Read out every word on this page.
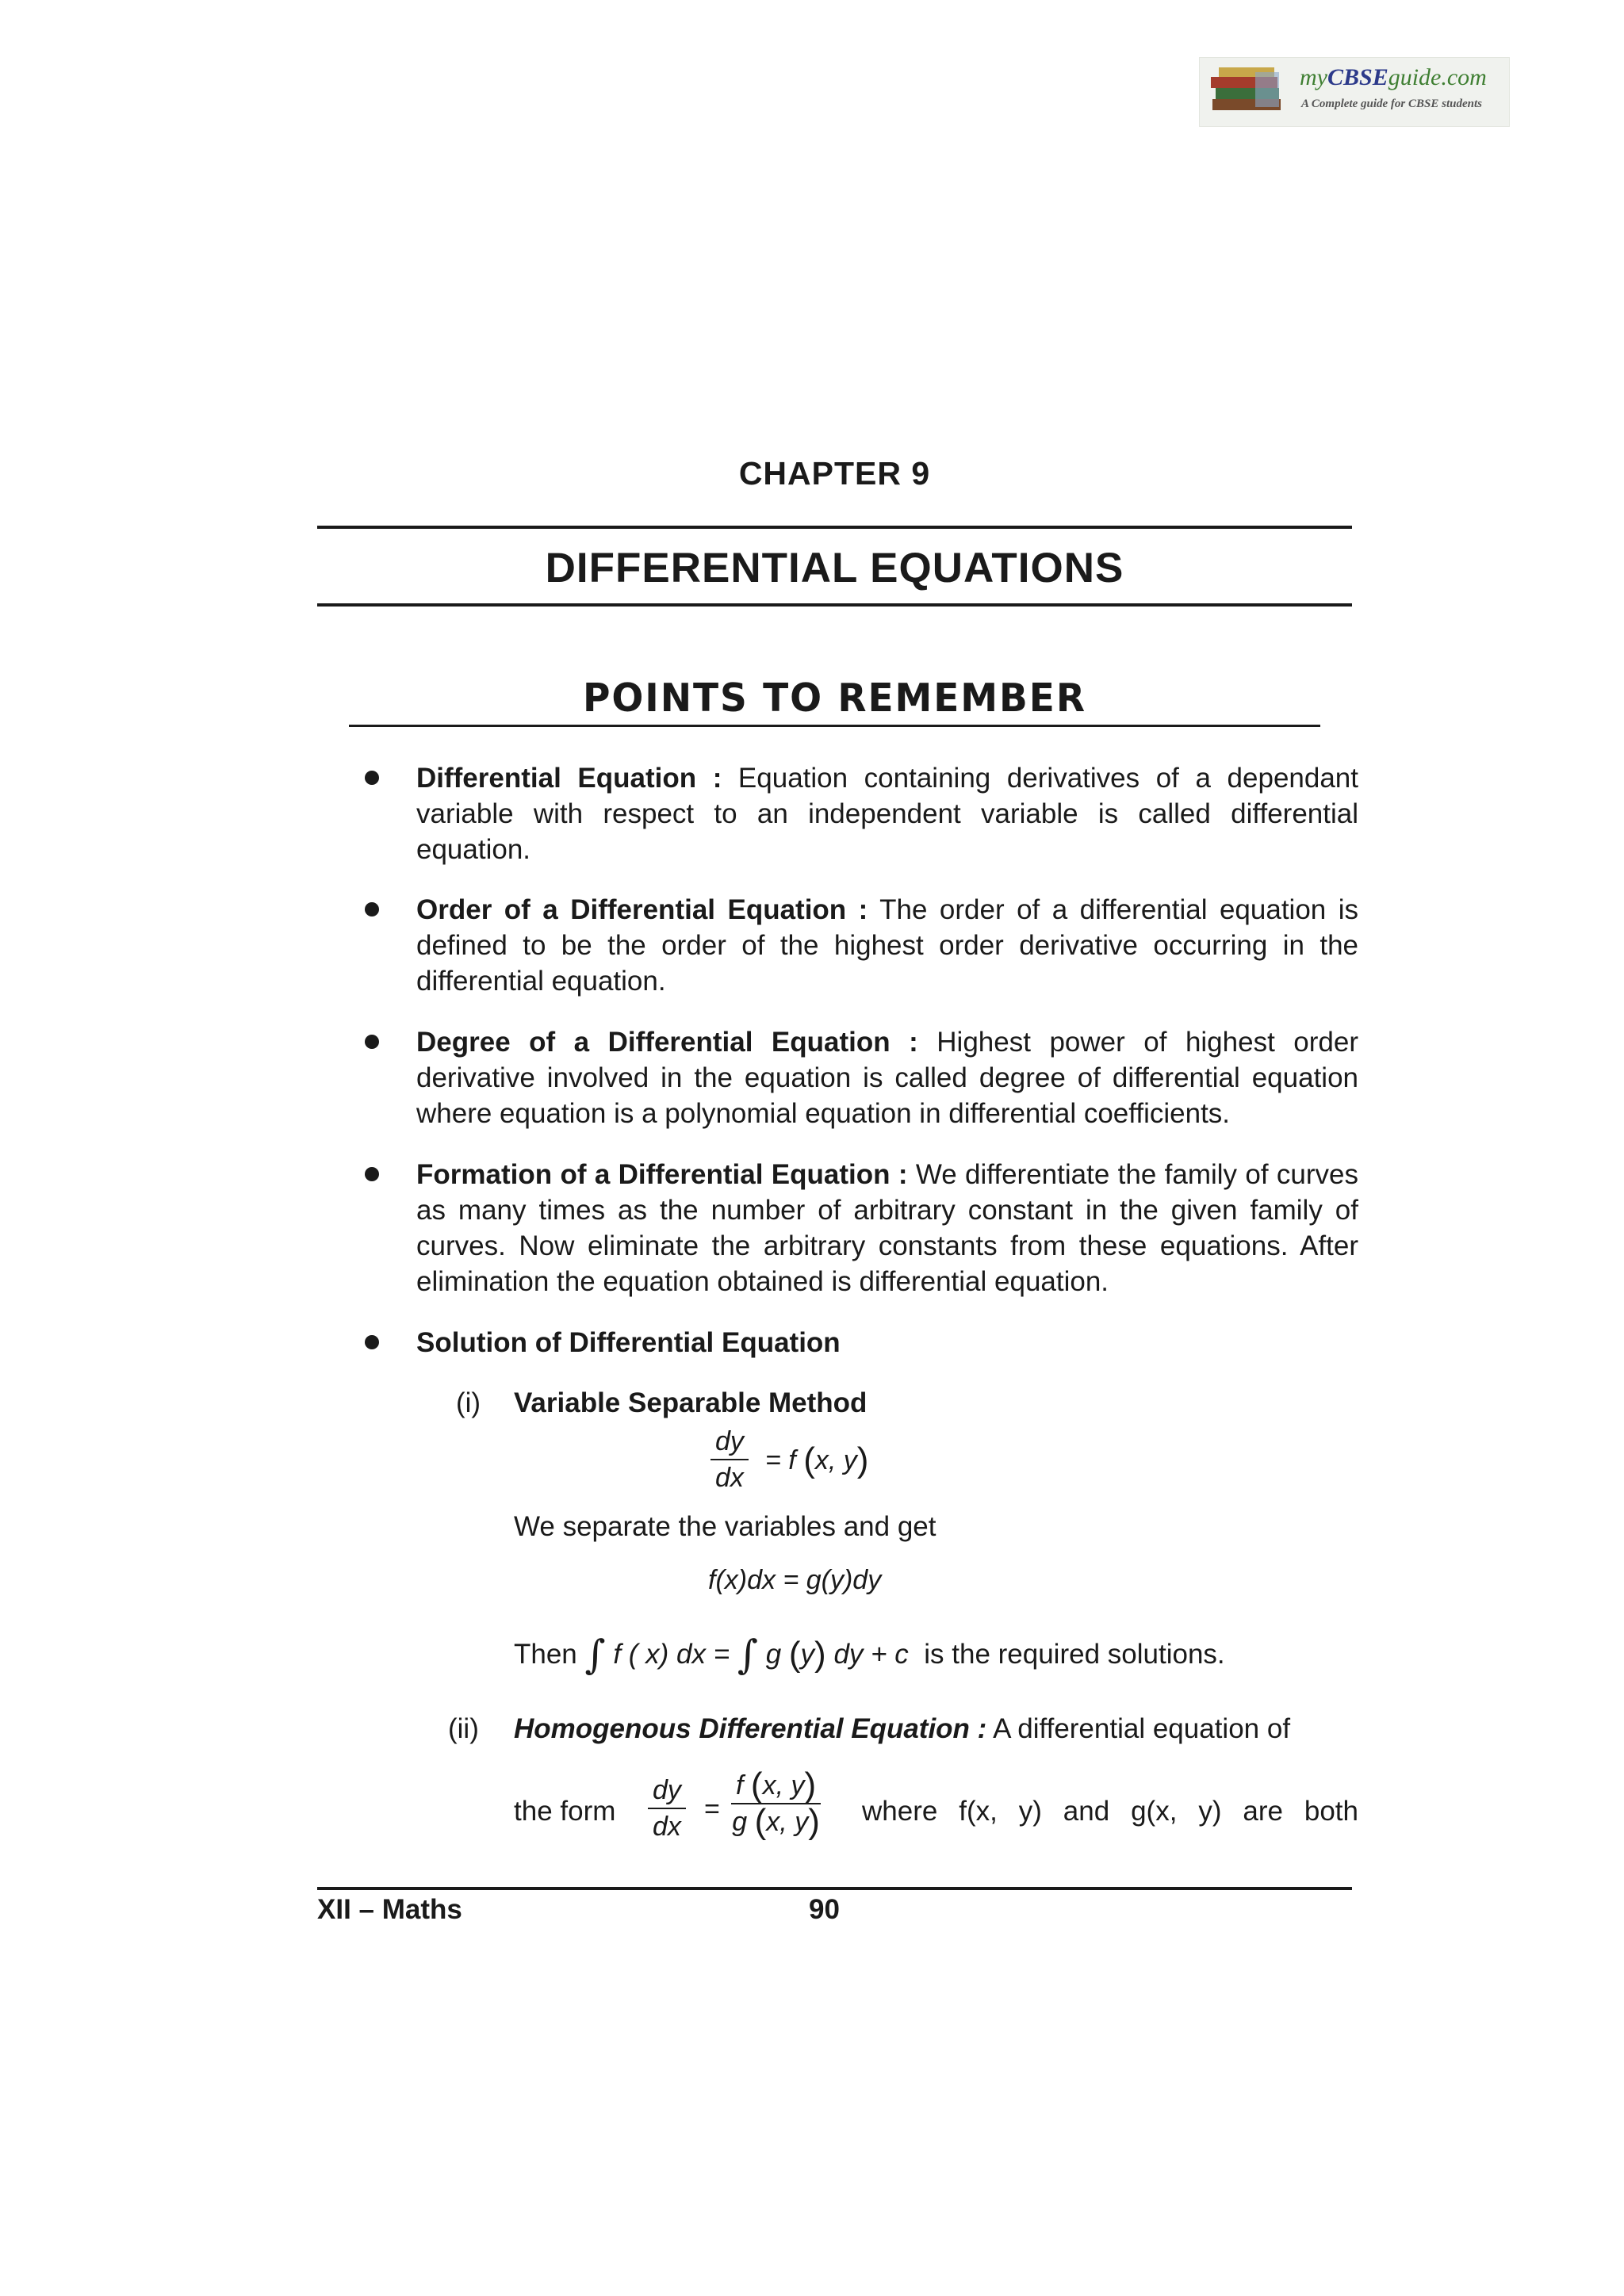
myCBSEguide.com
A Complete guide for CBSE students
CHAPTER 9
DIFFERENTIAL EQUATIONS
POINTS TO REMEMBER
Differential Equation : Equation containing derivatives of a dependant variable with respect to an independent variable is called differential equation.
Order of a Differential Equation : The order of a differential equation is defined to be the order of the highest order derivative occurring in the differential equation.
Degree of a Differential Equation : Highest power of highest order derivative involved in the equation is called degree of differential equation where equation is a polynomial equation in differential coefficients.
Formation of a Differential Equation : We differentiate the family of curves as many times as the number of arbitrary constant in the given family of curves. Now eliminate the arbitrary constants from these equations. After elimination the equation obtained is differential equation.
Solution of Differential Equation
(i) Variable Separable Method
$\frac{dy}{dx} = f$ (x, y)
We separate the variables and get
f(x)dx = g(y)dy
Then ∫ f ( x) dx = ∫ g (y) dy + c is the required solutions.
(ii) Homogenous Differential Equation : A differential equation of
the form $\frac{dy}{dx} = \frac{f (x, y)}{g (x, y)}$ where f(x, y) and g(x, y) are both
XII – Maths	90
